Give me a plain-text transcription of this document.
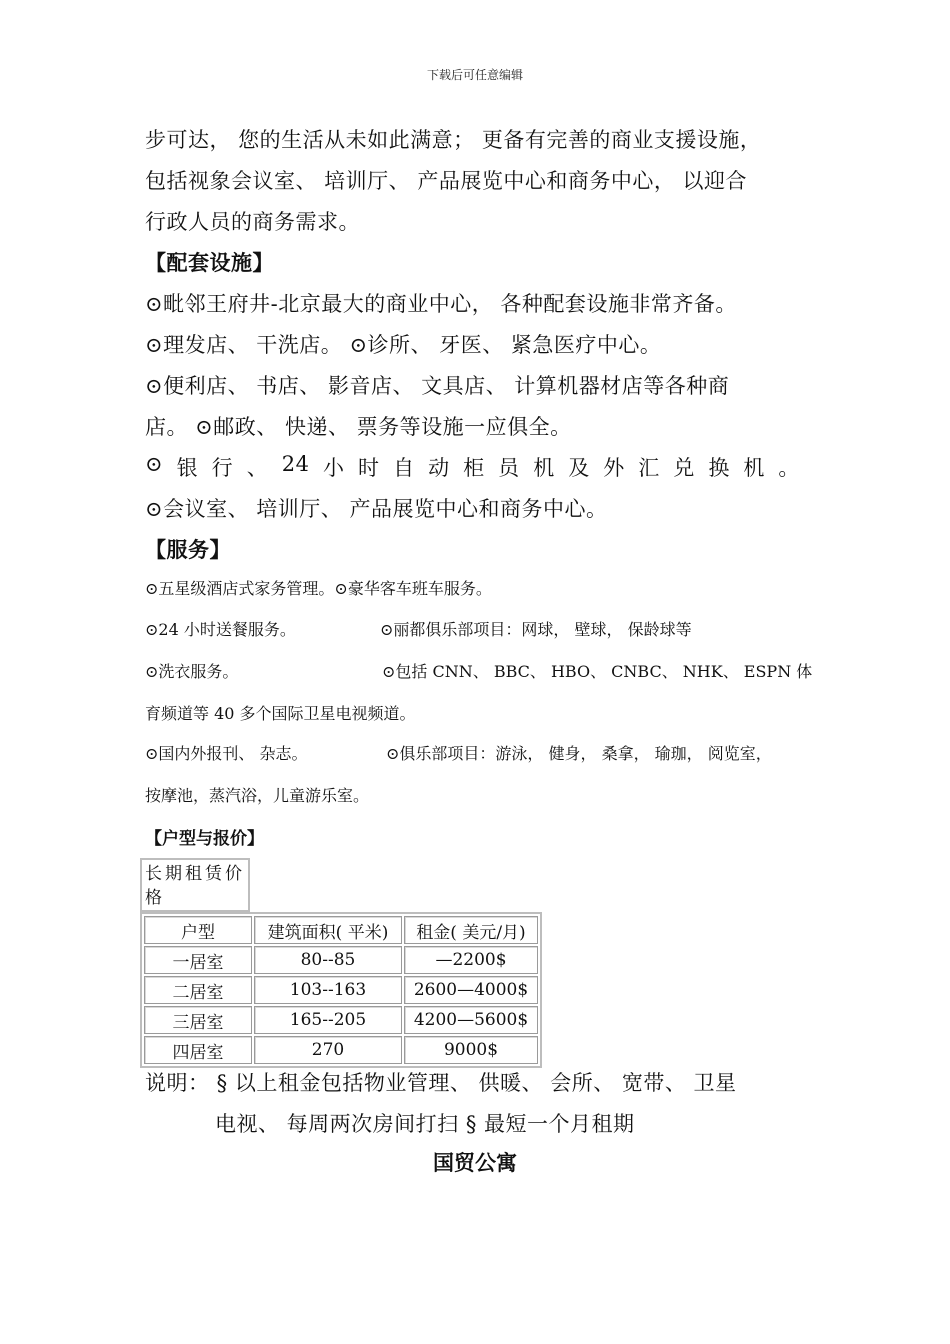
下载后可任意编辑
步可达， 您的生活从未如此满意； 更备有完善的商业支援设施，
包括视象会议室、 培训厅、 产品展览中心和商务中心， 以迎合
行政人员的商务需求。
【配套设施】
⊙毗邻王府井-北京最大的商业中心， 各种配套设施非常齐备。
⊙理发店、 干洗店。 ⊙诊所、 牙医、 紧急医疗中心。
⊙便利店、 书店、 影音店、 文具店、 计算机器材店等各种商
店。 ⊙邮政、 快递、 票务等设施一应俱全。
⊙ 银 行 、 24 小 时 自 动 柜 员 机 及 外 汇 兑 换 机 。
⊙会议室、 培训厅、 产品展览中心和商务中心。
【服务】
⊙五星级酒店式家务管理。⊙豪华客车班车服务。
⊙24 小时送餐服务。	⊙丽都俱乐部项目：网球， 壁球， 保龄球等
⊙洗衣服务。	⊙包括 CNN、 BBC、 HBO、 CNBC、 NHK、 ESPN 体
育频道等 40 多个国际卫星电视频道。
⊙国内外报刊、 杂志。	⊙俱乐部项目：游泳， 健身， 桑拿， 瑜珈， 阅览室，
按摩池，蒸汽浴，儿童游乐室。
【户型与报价】
长期租赁价格
户型	建筑面积( 平米)	租金( 美元/月)
一居室	80--85	—2200$
二居室	103--163	2600—4000$
三居室	165--205	4200—5600$
四居室	270	9000$
说明： § 以上租金包括物业管理、 供暖、 会所、 宽带、 卫星
电视、 每周两次房间打扫 § 最短一个月租期
国贸公寓
